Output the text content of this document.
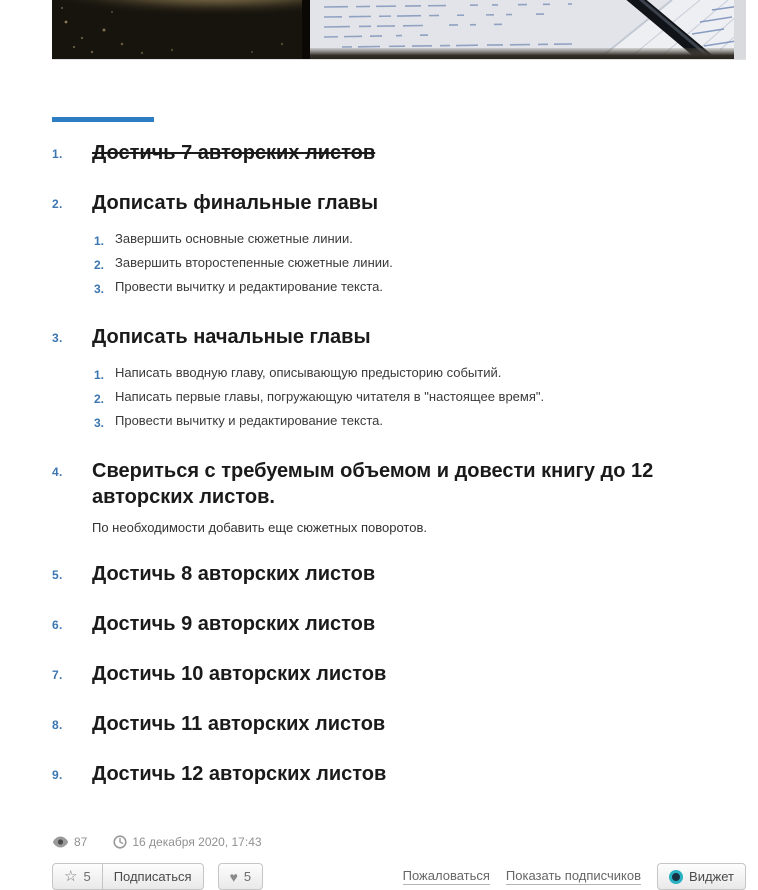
1.	Достичь 7 авторских листов
2.	Дописать финальные главы
1. Завершить основные сюжетные линии.
2. Завершить второстепенные сюжетные линии.
3. Провести вычитку и редактирование текста.
3.	Дописать начальные главы
1. Написать вводную главу, описывающую предысторию событий.
2. Написать первые главы, погружающую читателя в "настоящее время".
3. Провести вычитку и редактирование текста.
4.	Свериться с требуемым объемом и довести книгу до 12 авторских листов.
По необходимости добавить еще сюжетных поворотов.
5.	Достичь 8 авторских листов
6.	Достичь 9 авторских листов
7.	Достичь 10 авторских листов
8.	Достичь 11 авторских листов
9.	Достичь 12 авторских листов
87	16 декабря 2020, 17:43
☆ 5 Подписаться	♥ 5	Пожаловаться Показать подписчиков	Виджет
